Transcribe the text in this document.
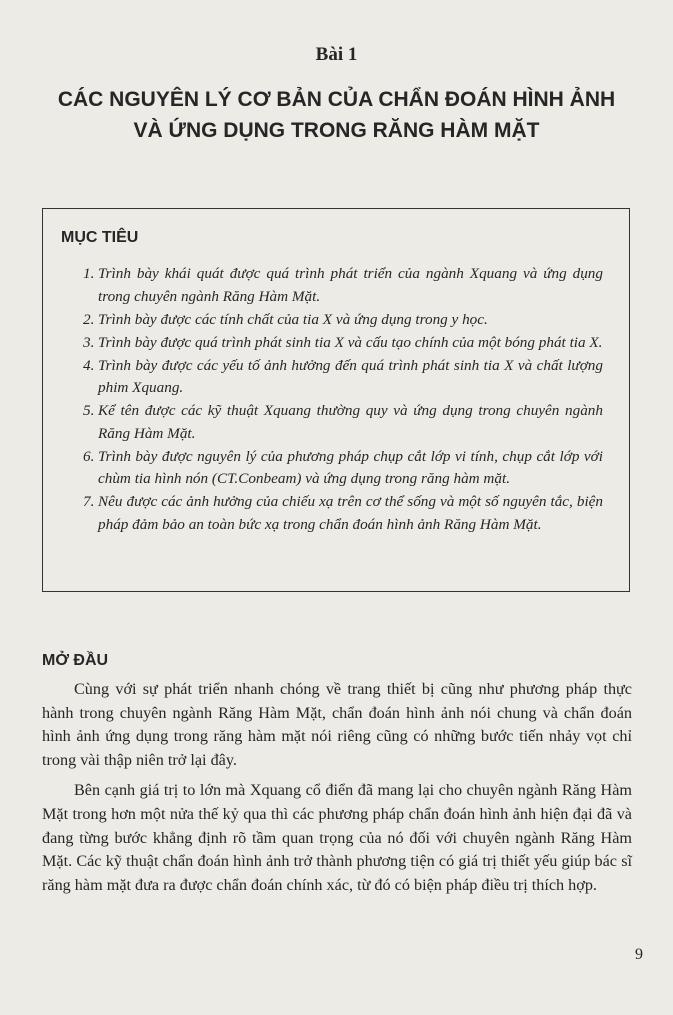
Bài 1
CÁC NGUYÊN LÝ CƠ BẢN CỦA CHẨN ĐOÁN HÌNH ẢNH
VÀ ỨNG DỤNG TRONG RĂNG HÀM MẶT
MỤC TIÊU
1. Trình bày khái quát được quá trình phát triển của ngành Xquang và ứng dụng trong chuyên ngành Răng Hàm Mặt.
2. Trình bày được các tính chất của tia X và ứng dụng trong y học.
3. Trình bày được quá trình phát sinh tia X và cấu tạo chính của một bóng phát tia X.
4. Trình bày được các yếu tố ảnh hưởng đến quá trình phát sinh tia X và chất lượng phim Xquang.
5. Kể tên được các kỹ thuật Xquang thường quy và ứng dụng trong chuyên ngành Răng Hàm Mặt.
6. Trình bày được nguyên lý của phương pháp chụp cắt lớp vi tính, chụp cắt lớp với chùm tia hình nón (CT.Conbeam) và ứng dụng trong răng hàm mặt.
7. Nêu được các ảnh hưởng của chiếu xạ trên cơ thể sống và một số nguyên tắc, biện pháp đảm bảo an toàn bức xạ trong chẩn đoán hình ảnh Răng Hàm Mặt.
MỞ ĐẦU

Cùng với sự phát triển nhanh chóng về trang thiết bị cũng như phương pháp thực hành trong chuyên ngành Răng Hàm Mặt, chẩn đoán hình ảnh nói chung và chẩn đoán hình ảnh ứng dụng trong răng hàm mặt nói riêng cũng có những bước tiến nhảy vọt chỉ trong vài thập niên trở lại đây.

Bên cạnh giá trị to lớn mà Xquang cổ điển đã mang lại cho chuyên ngành Răng Hàm Mặt trong hơn một nửa thế kỷ qua thì các phương pháp chẩn đoán hình ảnh hiện đại đã và đang từng bước khẳng định rõ tầm quan trọng của nó đối với chuyên ngành Răng Hàm Mặt. Các kỹ thuật chẩn đoán hình ảnh trở thành phương tiện có giá trị thiết yếu giúp bác sĩ răng hàm mặt đưa ra được chẩn đoán chính xác, từ đó có biện pháp điều trị thích hợp.

9
